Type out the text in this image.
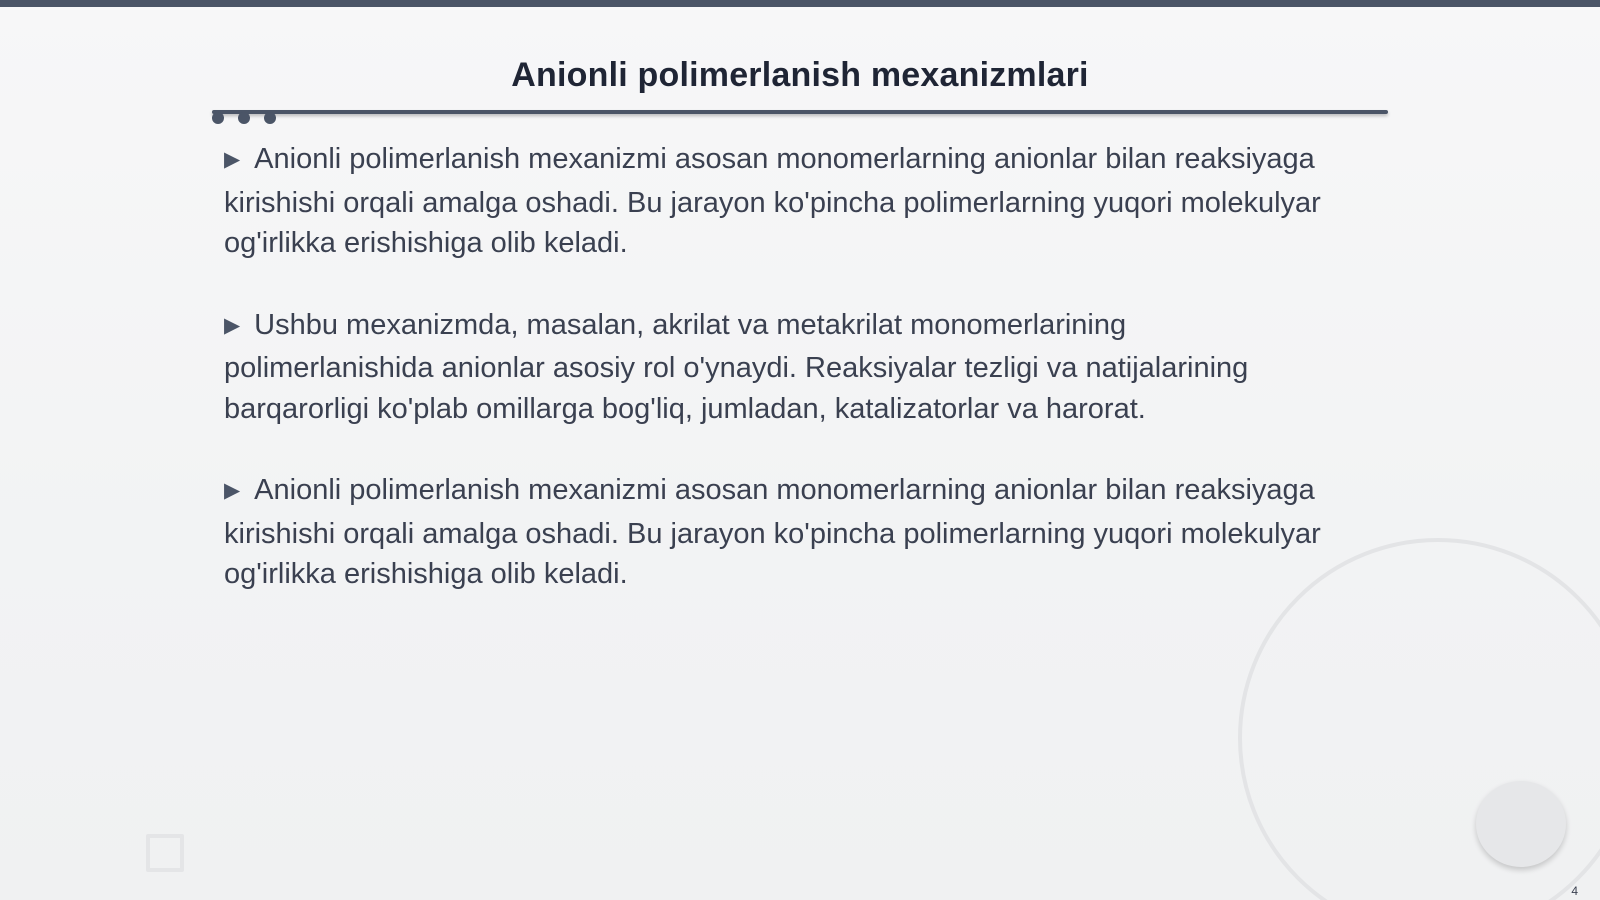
Anionli polimerlanish mexanizmlari

▶ Anionli polimerlanish mexanizmi asosan monomerlarning anionlar bilan reaksiyaga kirishishi orqali amalga oshadi. Bu jarayon ko'pincha polimerlarning yuqori molekulyar og'irlikka erishishiga olib keladi.

▶ Ushbu mexanizmda, masalan, akrilat va metakrilat monomerlarining polimerlanishida anionlar asosiy rol o'ynaydi. Reaksiyalar tezligi va natijalarining barqarorligi ko'plab omillarga bog'liq, jumladan, katalizatorlar va harorat.

▶ Anionli polimerlanish mexanizmi asosan monomerlarning anionlar bilan reaksiyaga kirishishi orqali amalga oshadi. Bu jarayon ko'pincha polimerlarning yuqori molekulyar og'irlikka erishishiga olib keladi.

4
